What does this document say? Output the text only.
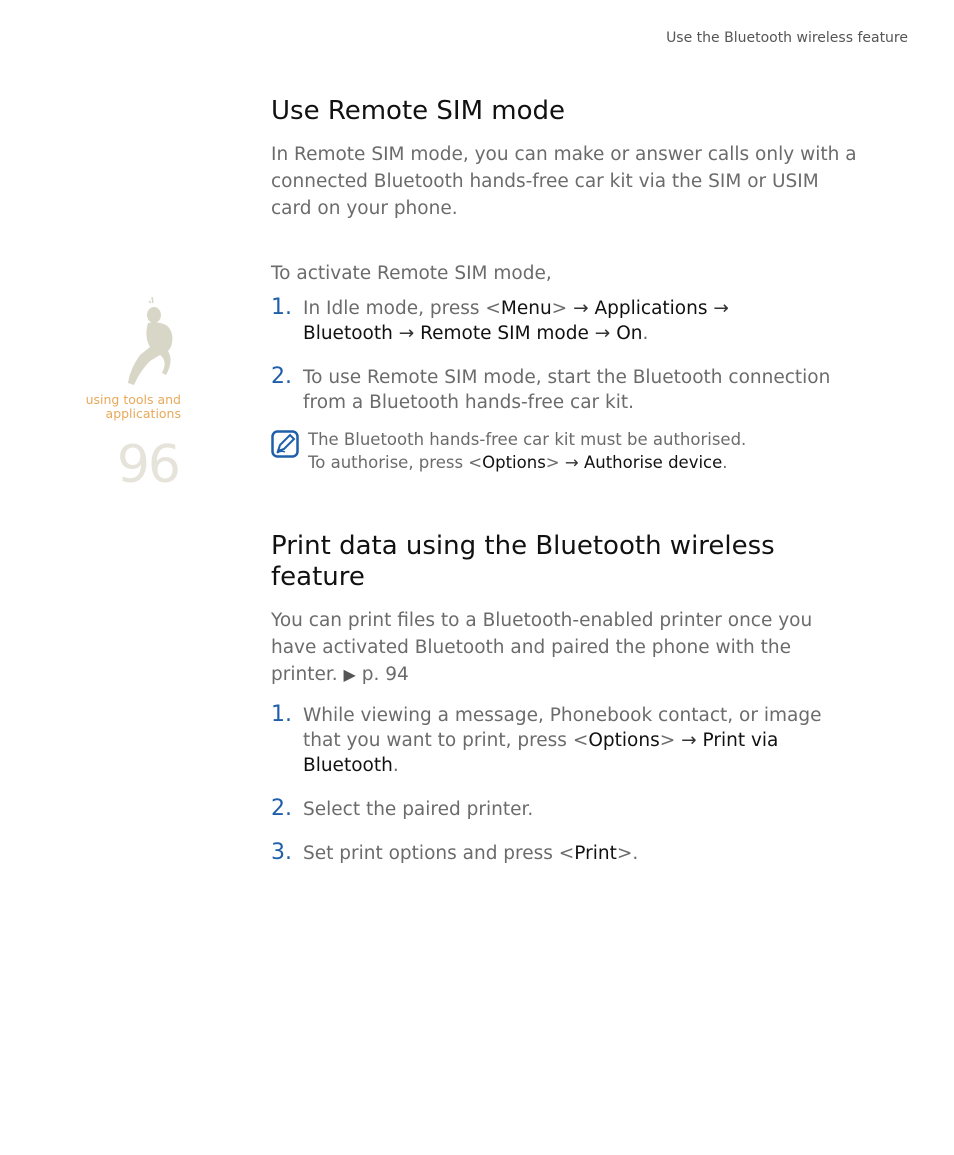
Use the Bluetooth wireless feature
using tools and applications
96
Use Remote SIM mode

In Remote SIM mode, you can make or answer calls only with a connected Bluetooth hands-free car kit via the SIM or USIM card on your phone.

To activate Remote SIM mode,

1. In Idle mode, press <Menu> → Applications →
Bluetooth → Remote SIM mode → On.
2. To use Remote SIM mode, start the Bluetooth connection from a Bluetooth hands-free car kit.
The Bluetooth hands-free car kit must be authorised.
To authorise, press <Options> → Authorise device.
Print data using the Bluetooth wireless feature

You can print files to a Bluetooth-enabled printer once you have activated Bluetooth and paired the phone with the printer. ▶ p. 94

1. While viewing a message, Phonebook contact, or image that you want to print, press <Options> → Print via Bluetooth.
2. Select the paired printer.
3. Set print options and press <Print>.
